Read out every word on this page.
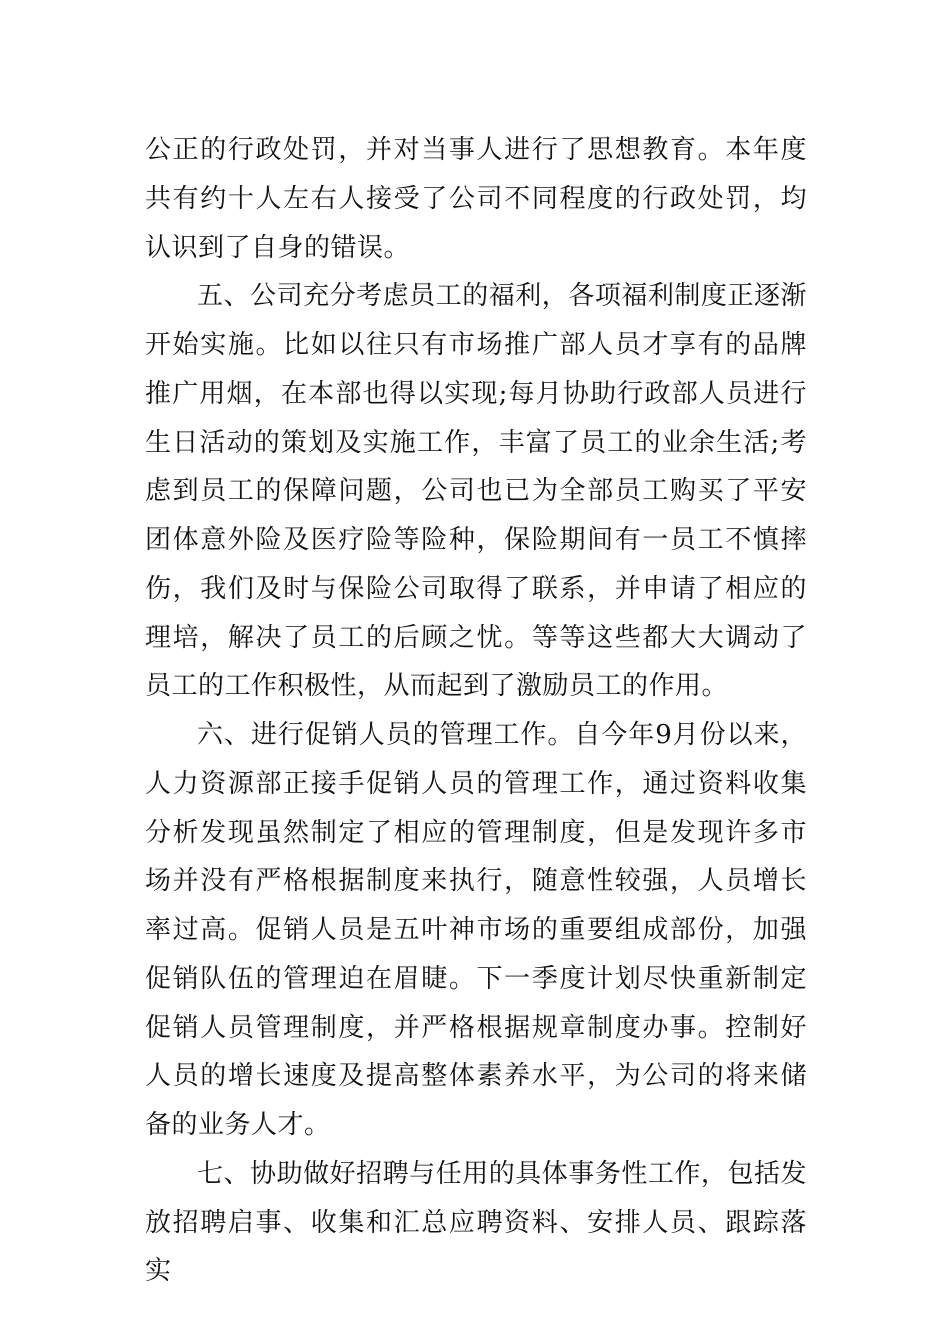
公正的行政处罚，并对当事人进行了思想教育。本年度共有约十人左右人接受了公司不同程度的行政处罚，均认识到了自身的错误。

五、公司充分考虑员工的福利，各项福利制度正逐渐开始实施。比如以往只有市场推广部人员才享有的品牌推广用烟，在本部也得以实现;每月协助行政部人员进行生日活动的策划及实施工作，丰富了员工的业余生活;考虑到员工的保障问题，公司也已为全部员工购买了平安团体意外险及医疗险等险种，保险期间有一员工不慎摔伤，我们及时与保险公司取得了联系，并申请了相应的理培，解决了员工的后顾之忧。等等这些都大大调动了员工的工作积极性，从而起到了激励员工的作用。

六、进行促销人员的管理工作。自今年9月份以来，人力资源部正接手促销人员的管理工作，通过资料收集分析发现虽然制定了相应的管理制度，但是发现许多市场并没有严格根据制度来执行，随意性较强，人员增长率过高。促销人员是五叶神市场的重要组成部份，加强促销队伍的管理迫在眉睫。下一季度计划尽快重新制定促销人员管理制度，并严格根据规章制度办事。控制好人员的增长速度及提高整体素养水平，为公司的将来储备的业务人才。

七、协助做好招聘与任用的具体事务性工作，包括发放招聘启事、收集和汇总应聘资料、安排人员、跟踪落实
